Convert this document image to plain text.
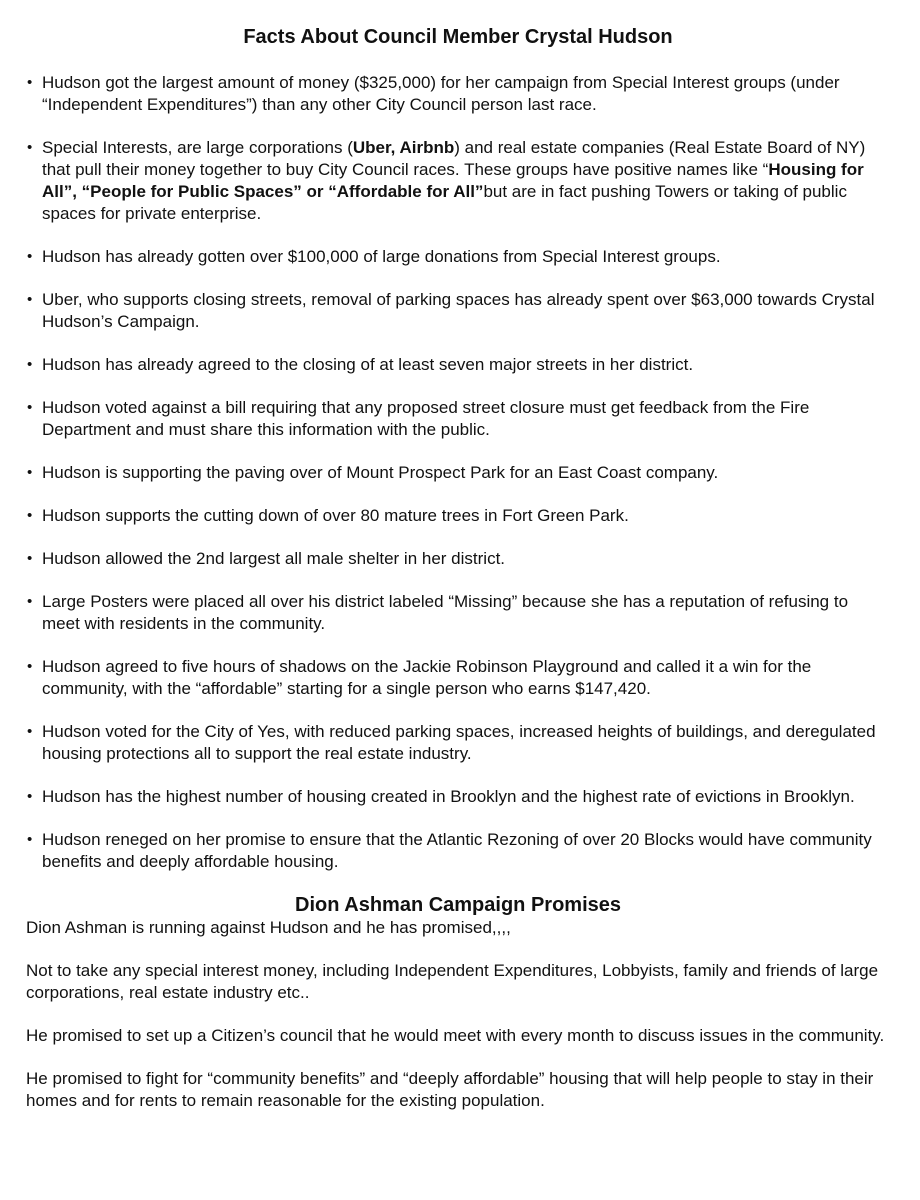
Facts About Council Member Crystal Hudson
• Hudson got the largest amount of money ($325,000) for her campaign from Special Interest groups (under “Independent Expenditures”) than any other City Council person last race.
• Special Interests, are large corporations (Uber, Airbnb) and real estate companies (Real Estate Board of NY) that pull their money together to buy City Council races. These groups have positive names like “Housing for All”, “People for Public Spaces” or “Affordable for All”but are in fact pushing Towers or taking of public spaces for private enterprise.
• Hudson has already gotten over $100,000 of large donations from Special Interest groups.
• Uber, who supports closing streets, removal of parking spaces has already spent over $63,000 towards Crystal Hudson’s Campaign.
• Hudson has already agreed to the closing of at least seven major streets in her district.
• Hudson voted against a bill requiring that any proposed street closure must get feedback from the Fire Department and must share this information with the public.
• Hudson is supporting the paving over of Mount Prospect Park for an East Coast company.
• Hudson supports the cutting down of over 80 mature trees in Fort Green Park.
• Hudson allowed the 2nd largest all male shelter in her district.
• Large Posters were placed all over his district labeled “Missing” because she has a reputation of refusing to meet with residents in the community.
• Hudson agreed to five hours of shadows on the Jackie Robinson Playground and called it a win for the community, with the “affordable” starting for a single person who earns $147,420.
• Hudson voted for the City of Yes, with reduced parking spaces, increased heights of buildings, and deregulated housing protections all to support the real estate industry.
• Hudson has the highest number of housing created in Brooklyn and the highest rate of evictions in Brooklyn.
• Hudson reneged on her promise to ensure that the Atlantic Rezoning of over 20 Blocks would have community benefits and deeply affordable housing.
Dion Ashman Campaign Promises

Dion Ashman is running against Hudson and he has promised,,,,

Not to take any special interest money, including Independent Expenditures, Lobbyists, family and friends of large corporations, real estate industry etc..

He promised to set up a Citizen’s council that he would meet with every month to discuss issues in the community.

He promised to fight for “community benefits” and “deeply affordable” housing that will help people to stay in their homes and for rents to remain reasonable for the existing population.
